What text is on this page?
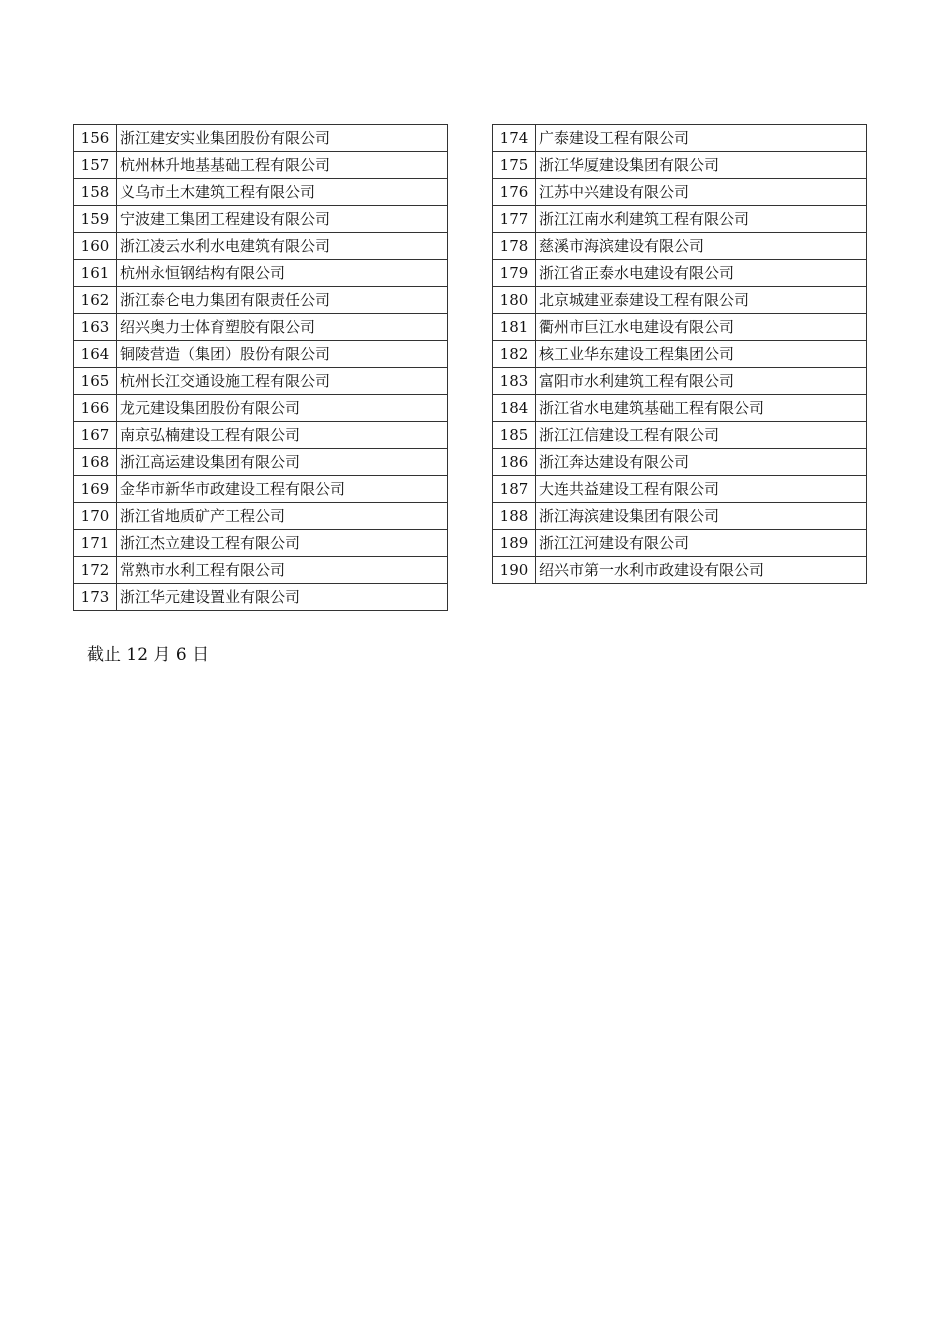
156	浙江建安实业集团股份有限公司
157	杭州林升地基基础工程有限公司
158	义乌市土木建筑工程有限公司
159	宁波建工集团工程建设有限公司
160	浙江凌云水利水电建筑有限公司
161	杭州永恒钢结构有限公司
162	浙江泰仑电力集团有限责任公司
163	绍兴奥力士体育塑胶有限公司
164	铜陵营造（集团）股份有限公司
165	杭州长江交通设施工程有限公司
166	龙元建设集团股份有限公司
167	南京弘楠建设工程有限公司
168	浙江高运建设集团有限公司
169	金华市新华市政建设工程有限公司
170	浙江省地质矿产工程公司
171	浙江杰立建设工程有限公司
172	常熟市水利工程有限公司
173	浙江华元建设置业有限公司
174	广泰建设工程有限公司
175	浙江华厦建设集团有限公司
176	江苏中兴建设有限公司
177	浙江江南水利建筑工程有限公司
178	慈溪市海滨建设有限公司
179	浙江省正泰水电建设有限公司
180	北京城建亚泰建设工程有限公司
181	衢州市巨江水电建设有限公司
182	核工业华东建设工程集团公司
183	富阳市水利建筑工程有限公司
184	浙江省水电建筑基础工程有限公司
185	浙江江信建设工程有限公司
186	浙江奔达建设有限公司
187	大连共益建设工程有限公司
188	浙江海滨建设集团有限公司
189	浙江江河建设有限公司
190	绍兴市第一水利市政建设有限公司
截止 12 月 6 日
